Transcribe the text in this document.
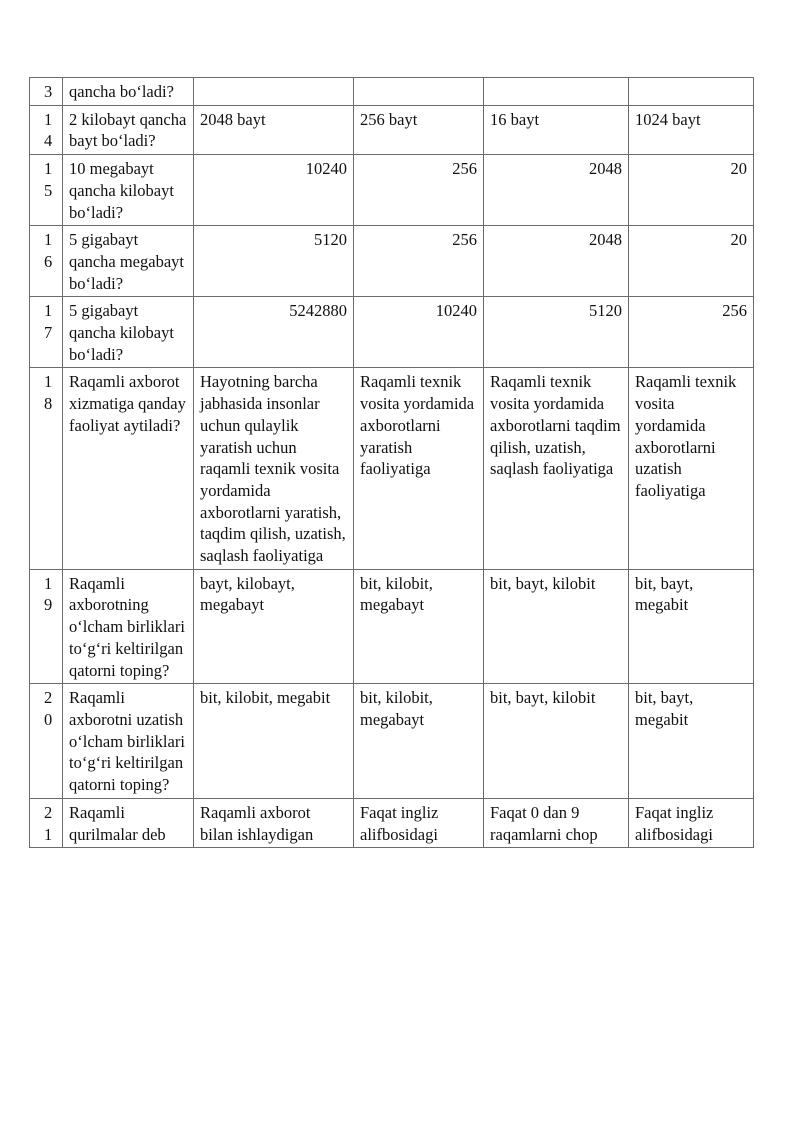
3	qancha bo‘ladi?				
14	2 kilobayt qancha bayt bo‘ladi?	2048 bayt	256 bayt	16 bayt	1024 bayt
15	10 megabayt qancha kilobayt bo‘ladi?	10240	256	2048	20
16	5 gigabayt qancha megabayt bo‘ladi?	5120	256	2048	20
17	5 gigabayt qancha kilobayt bo‘ladi?	5242880	10240	5120	256
18	Raqamli axborot xizmatiga qanday faoliyat aytiladi?	Hayotning barcha jabhasida insonlar uchun qulaylik yaratish uchun raqamli texnik vosita yordamida axborotlarni yaratish, taqdim qilish, uzatish, saqlash faoliyatiga	Raqamli texnik vosita yordamida axborotlarni yaratish faoliyatiga	Raqamli texnik vosita yordamida axborotlarni taqdim qilish, uzatish, saqlash faoliyatiga	Raqamli texnik vosita yordamida axborotlarni uzatish faoliyatiga
19	Raqamli axborotning o‘lcham birliklari to‘g‘ri keltirilgan qatorni toping?	bayt, kilobayt, megabayt	bit, kilobit, megabayt	bit, bayt, kilobit	bit, bayt, megabit
20	Raqamli axborotni uzatish o‘lcham birliklari to‘g‘ri keltirilgan qatorni toping?	bit, kilobit, megabit	bit, kilobit, megabayt	bit, bayt, kilobit	bit, bayt, megabit
21	Raqamli qurilmalar deb	Raqamli axborot bilan ishlaydigan	Faqat ingliz alifbosidagi	Faqat 0 dan 9 raqamlarni chop	Faqat ingliz alifbosidagi
